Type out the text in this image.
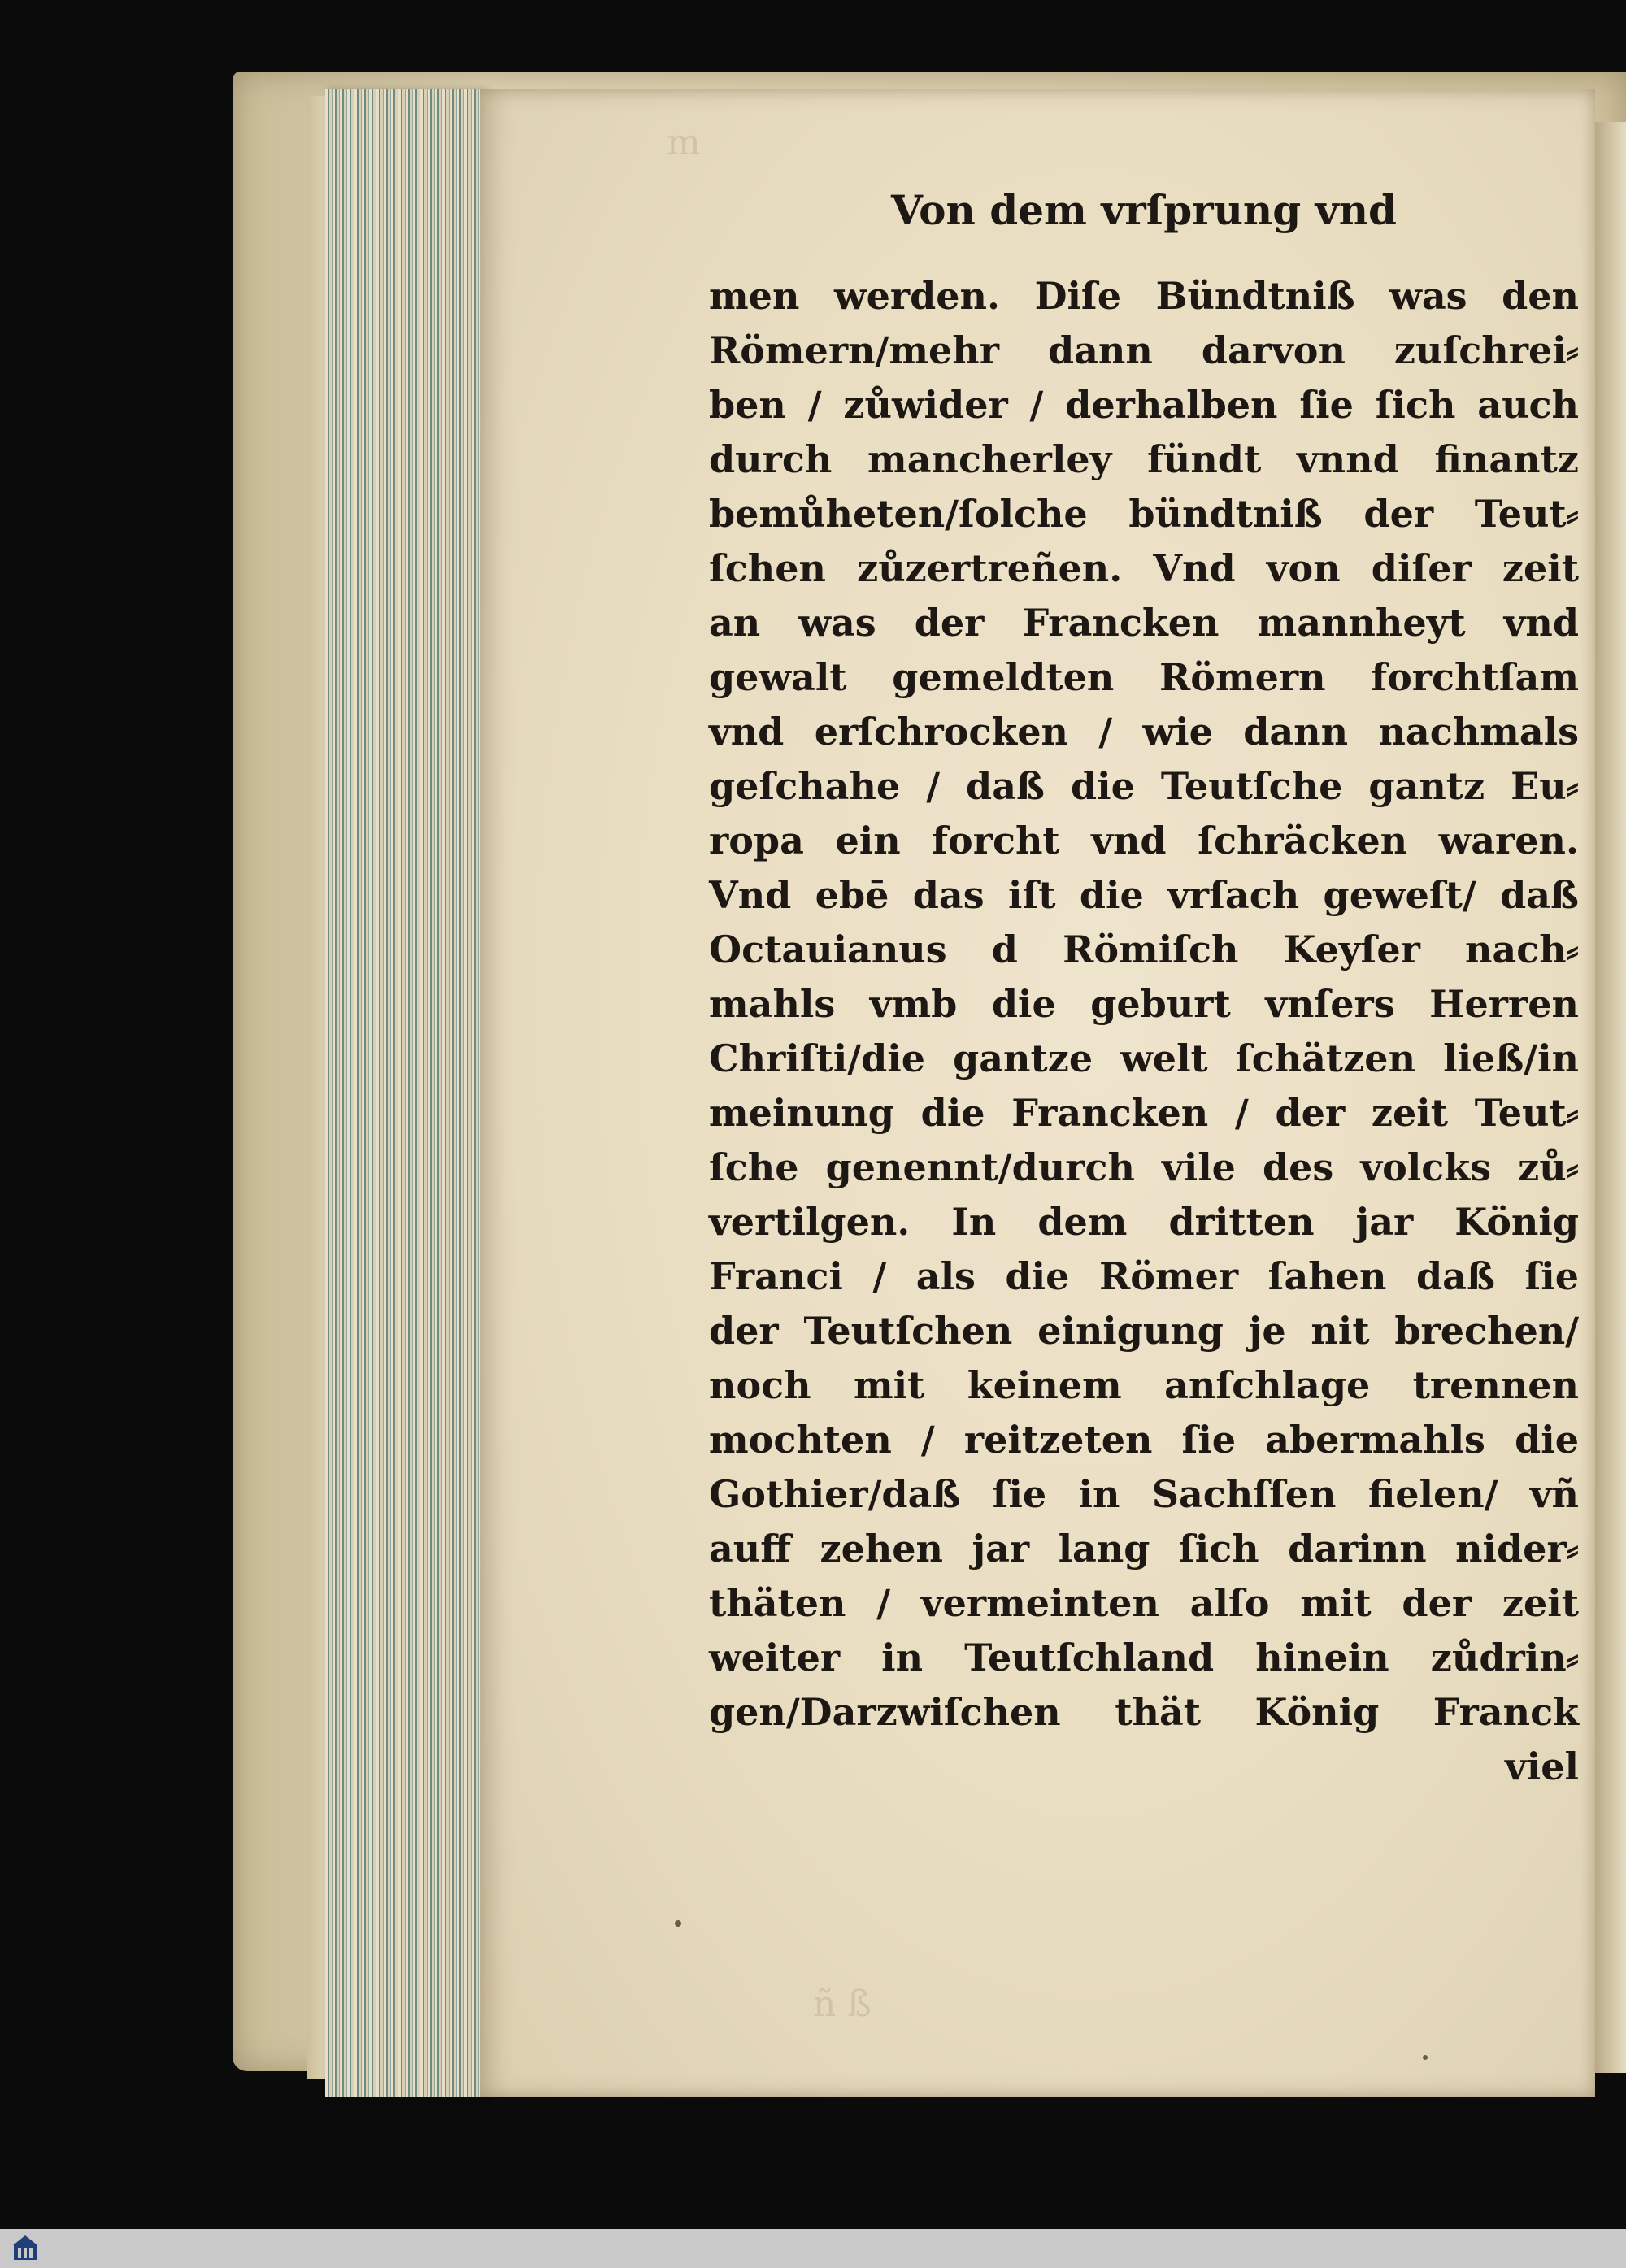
m
ñ ß
Von dem vrſprung vnd
men werden. Diſe Bündtniß was den
Römern/mehr dann darvon zuſchrei⸗
ben / zůwider / derhalben ſie ſich auch
durch mancherley fündt vnnd finantz
bemůheten/ſolche bündtniß der Teut⸗
ſchen zůzertreñen. Vnd von diſer zeit
an was der Francken mannheyt vnd
gewalt gemeldten Römern forchtſam
vnd erſchrocken / wie dann nachmals
geſchahe / daß die Teutſche gantz Eu⸗
ropa ein forcht vnd ſchräcken waren.
Vnd ebē das iſt die vrſach geweſt/ daß
Octauianus d Römiſch Keyſer nach⸗
mahls vmb die geburt vnſers Herren
Chriſti/die gantze welt ſchätzen ließ/in
meinung die Francken / der zeit Teut⸗
ſche genennt/durch vile des volcks zů⸗
vertilgen. In dem dritten jar König
Franci / als die Römer ſahen daß ſie
der Teutſchen einigung je nit brechen/
noch mit keinem anſchlage trennen
mochten / reitzeten ſie abermahls die
Gothier/daß ſie in Sachſſen fielen/ vñ
auff zehen jar lang ſich darinn nider⸗
thäten / vermeinten alſo mit der zeit
weiter in Teutſchland hinein zůdrin⸗
gen/Darzwiſchen thät König Franck
viel
